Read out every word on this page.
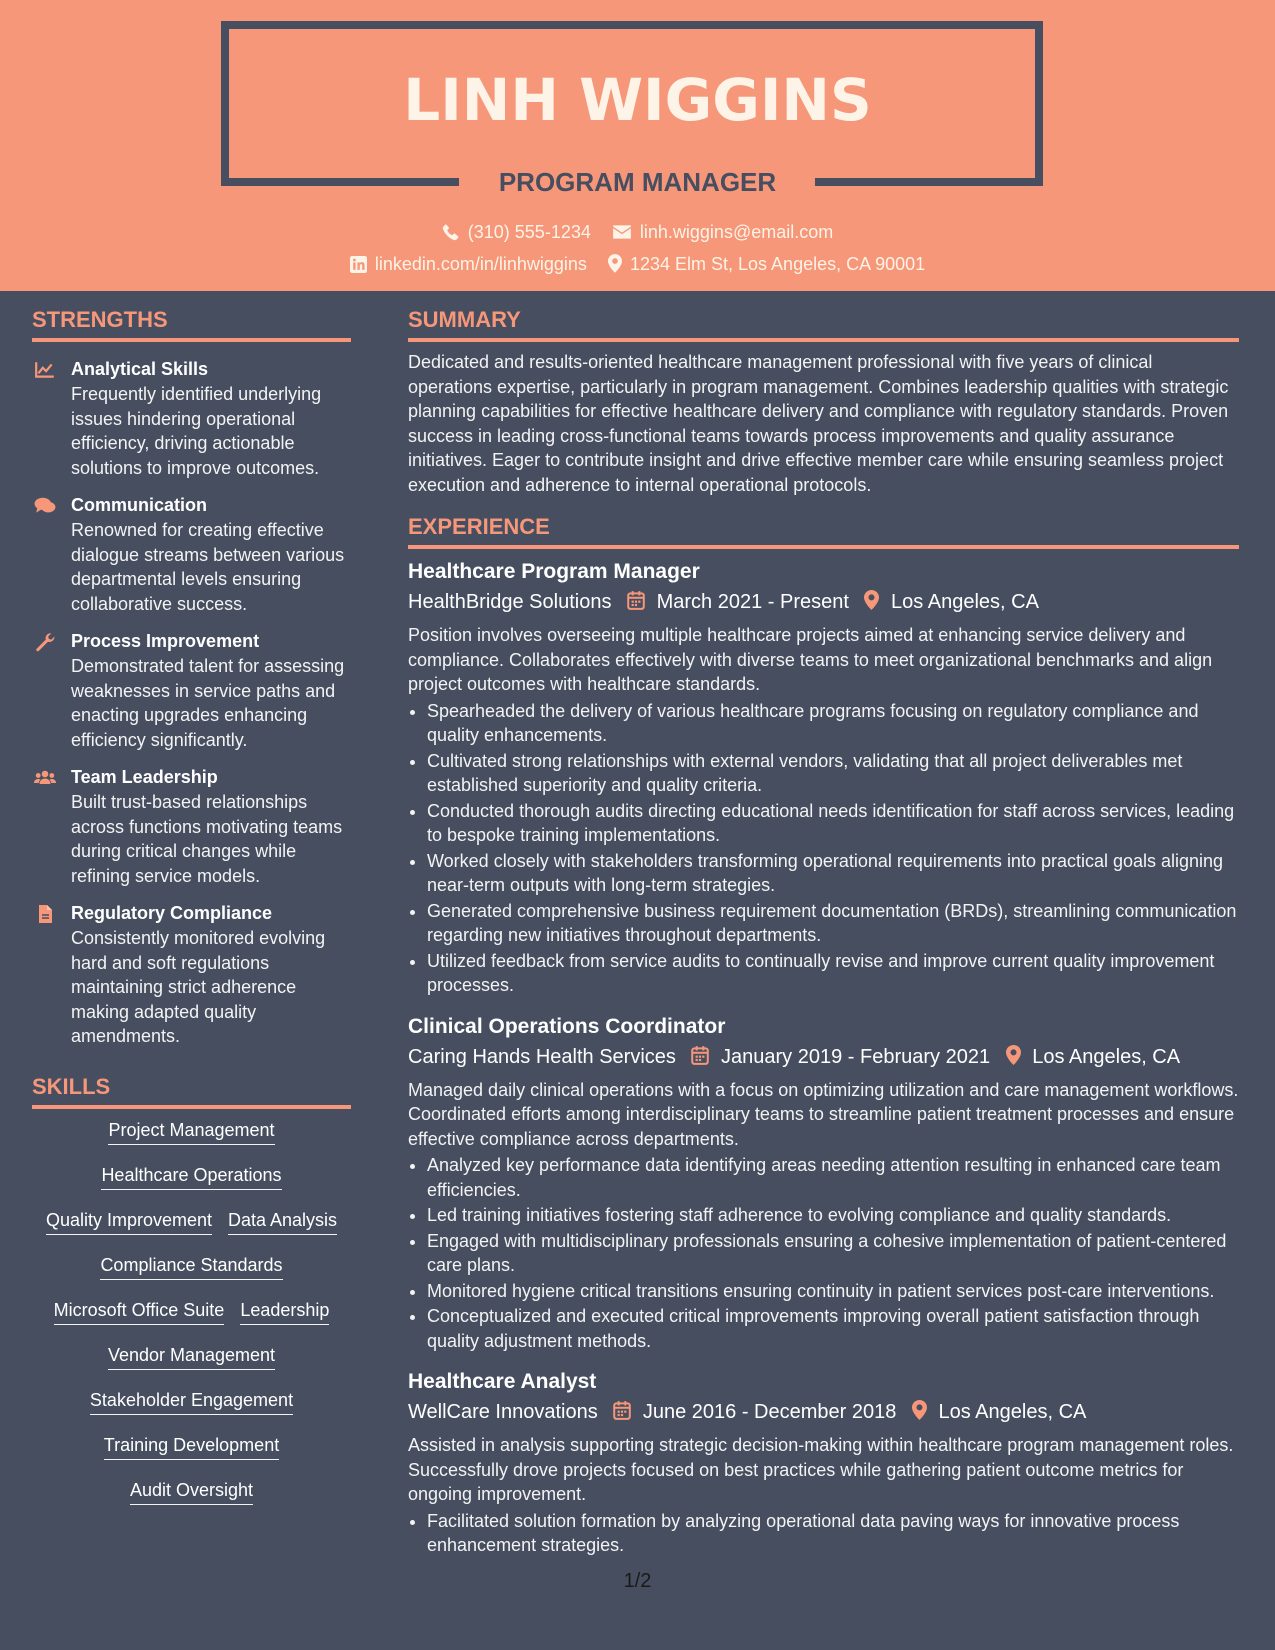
LINH WIGGINS
PROGRAM MANAGER
(310) 555-1234	linh.wiggins@email.com
linkedin.com/in/linhwiggins 1234 Elm St, Los Angeles, CA 90001
STRENGTHS
Analytical Skills
Frequently identified underlying issues hindering operational efficiency, driving actionable solutions to improve outcomes.
Communication
Renowned for creating effective dialogue streams between various departmental levels ensuring collaborative success.
Process Improvement
Demonstrated talent for assessing weaknesses in service paths and enacting upgrades enhancing efficiency significantly.
Team Leadership
Built trust-based relationships across functions motivating teams during critical changes while refining service models.
Regulatory Compliance
Consistently monitored evolving hard and soft regulations maintaining strict adherence making adapted quality amendments.
SKILLS
Project Management
Healthcare Operations
Quality Improvement Data Analysis
Compliance Standards
Microsoft Office Suite Leadership
Vendor Management
Stakeholder Engagement
Training Development
Audit Oversight
SUMMARY
Dedicated and results-oriented healthcare management professional with five years of clinical operations expertise, particularly in program management. Combines leadership qualities with strategic planning capabilities for effective healthcare delivery and compliance with regulatory standards. Proven success in leading cross-functional teams towards process improvements and quality assurance initiatives. Eager to contribute insight and drive effective member care while ensuring seamless project execution and adherence to internal operational protocols.
EXPERIENCE
Healthcare Program Manager
HealthBridge Solutions March 2021 - Present Los Angeles, CA
Position involves overseeing multiple healthcare projects aimed at enhancing service delivery and compliance. Collaborates effectively with diverse teams to meet organizational benchmarks and align project outcomes with healthcare standards.
• Spearheaded the delivery of various healthcare programs focusing on regulatory compliance and quality enhancements.
• Cultivated strong relationships with external vendors, validating that all project deliverables met established superiority and quality criteria.
• Conducted thorough audits directing educational needs identification for staff across services, leading to bespoke training implementations.
• Worked closely with stakeholders transforming operational requirements into practical goals aligning near-term outputs with long-term strategies.
• Generated comprehensive business requirement documentation (BRDs), streamlining communication regarding new initiatives throughout departments.
• Utilized feedback from service audits to continually revise and improve current quality improvement processes.
Clinical Operations Coordinator
Caring Hands Health Services January 2019 - February 2021 Los Angeles, CA
Managed daily clinical operations with a focus on optimizing utilization and care management workflows. Coordinated efforts among interdisciplinary teams to streamline patient treatment processes and ensure effective compliance across departments.
• Analyzed key performance data identifying areas needing attention resulting in enhanced care team efficiencies.
• Led training initiatives fostering staff adherence to evolving compliance and quality standards.
• Engaged with multidisciplinary professionals ensuring a cohesive implementation of patient-centered care plans.
• Monitored hygiene critical transitions ensuring continuity in patient services post-care interventions.
• Conceptualized and executed critical improvements improving overall patient satisfaction through quality adjustment methods.
Healthcare Analyst
WellCare Innovations June 2016 - December 2018 Los Angeles, CA
Assisted in analysis supporting strategic decision-making within healthcare program management roles. Successfully drove projects focused on best practices while gathering patient outcome metrics for ongoing improvement.
• Facilitated solution formation by analyzing operational data paving ways for innovative process enhancement strategies.
1/2
